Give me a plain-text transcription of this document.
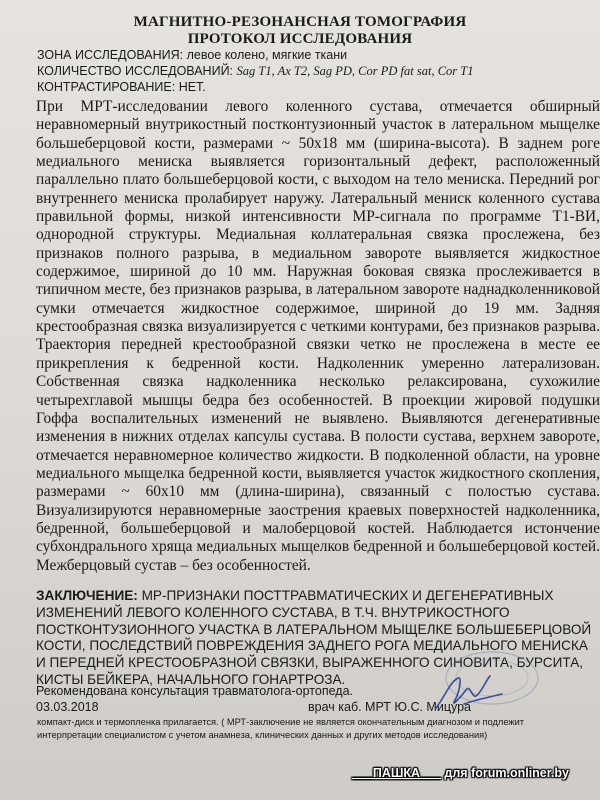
МАГНИТНО-РЕЗОНАНСНАЯ ТОМОГРАФИЯ
ПРОТОКОЛ ИССЛЕДОВАНИЯ
ЗОНА ИССЛЕДОВАНИЯ: левое колено, мягкие ткани
КОЛИЧЕСТВО ИССЛЕДОВАНИЙ: Sag T1, Ax T2, Sag PD, Cor PD fat sat, Cor T1
КОНТРАСТИРОВАНИЕ: НЕТ.
При МРТ-исследовании левого коленного сустава, отмечается обширный неравномерный внутрикостный постконтузионный участок в латеральном мыщелке большеберцовой кости, размерами ~ 50х18 мм (ширина-высота). В заднем роге медиального мениска выявляется горизонтальный дефект, расположенный параллельно плато большеберцовой кости, с выходом на тело мениска. Передний рог внутреннего мениска пролабирует наружу. Латеральный мениск коленного сустава правильной формы, низкой интенсивности МР-сигнала по программе Т1-ВИ, однородной структуры. Медиальная коллатеральная связка прослежена, без признаков полного разрыва, в медиальном завороте выявляется жидкостное содержимое, шириной до 10 мм. Наружная боковая связка прослеживается в типичном месте, без признаков разрыва, в латеральном завороте наднадколенниковой сумки отмечается жидкостное содержимое, шириной до 19 мм. Задняя крестообразная связка визуализируется с четкими контурами, без признаков разрыва. Траектория передней крестообразной связки четко не прослежена в месте ее прикрепления к бедренной кости. Надколенник умеренно латерализован. Собственная связка надколенника несколько релаксирована, сухожилие четырехглавой мышцы бедра без особенностей. В проекции жировой подушки Гоффа воспалительных изменений не выявлено. Выявляются дегенеративные изменения в нижних отделах капсулы сустава. В полости сустава, верхнем завороте, отмечается неравномерное количество жидкости. В подколенной области, на уровне медиального мыщелка бедренной кости, выявляется участок жидкостного скопления, размерами ~ 60х10 мм (длина-ширина), связанный с полостью сустава. Визуализируются неравномерные заострения краевых поверхностей надколенника, бедренной, большеберцовой и малоберцовой костей. Наблюдается истончение субхондрального хряща медиальных мыщелков бедренной и большеберцовой костей. Межберцовый сустав – без особенностей.
ЗАКЛЮЧЕНИЕ: МР-ПРИЗНАКИ ПОСТТРАВМАТИЧЕСКИХ И ДЕГЕНЕРАТИВНЫХ ИЗМЕНЕНИЙ ЛЕВОГО КОЛЕННОГО СУСТАВА, В Т.Ч. ВНУТРИКОСТНОГО ПОСТКОНТУЗИОННОГО УЧАСТКА В ЛАТЕРАЛЬНОМ МЫЩЕЛКЕ БОЛЬШЕБЕРЦОВОЙ КОСТИ, ПОСЛЕДСТВИЙ ПОВРЕЖДЕНИЯ ЗАДНЕГО РОГА МЕДИАЛЬНОГО МЕНИСКА И ПЕРЕДНЕЙ КРЕСТООБРАЗНОЙ СВЯЗКИ, ВЫРАЖЕННОГО СИНОВИТА, БУРСИТА, КИСТЫ БЕЙКЕРА, НАЧАЛЬНОГО ГОНАРТРОЗА.
Рекомендована консультация травматолога-ортопеда.
03.03.2018	врач каб. МРТ Ю.С. Мицура
компакт-диск и термопленка прилагается. ( МРТ-заключение не является окончательным диагнозом и подлежит интерпретации специалистом с учетом анамнеза, клинических данных и других методов исследования)
___ПАШКА___ для forum.onliner.by
